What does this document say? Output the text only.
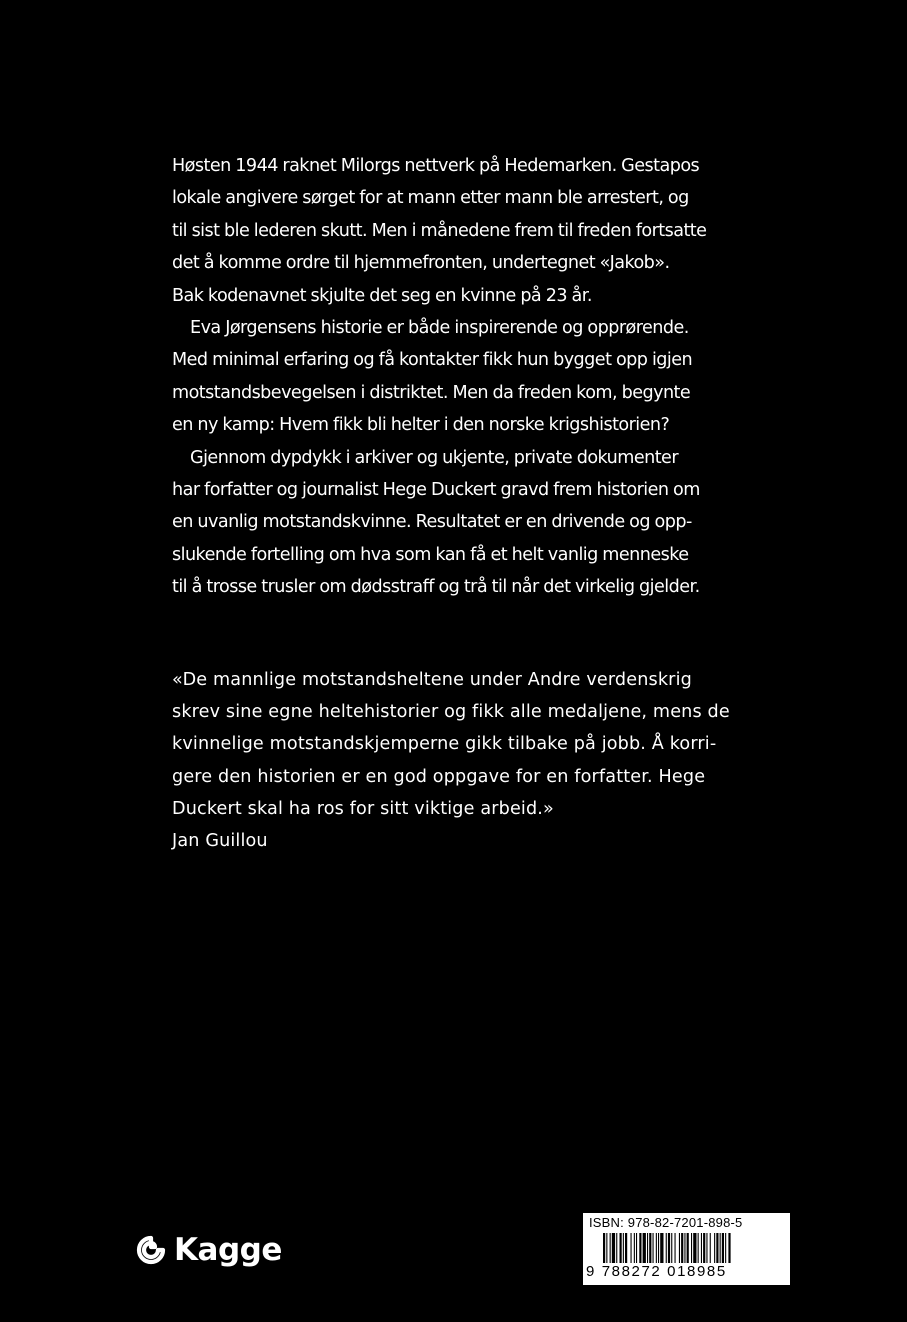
Høsten 1944 raknet Milorgs nettverk på Hedemarken. Gestapos
lokale angivere sørget for at mann etter mann ble arrestert, og
til sist ble lederen skutt. Men i månedene frem til freden fortsatte
det å komme ordre til hjemmefronten, undertegnet «Jakob».
Bak kodenavnet skjulte det seg en kvinne på 23 år.

Eva Jørgensens historie er både inspirerende og opprørende.
Med minimal erfaring og få kontakter fikk hun bygget opp igjen
motstandsbevegelsen i distriktet. Men da freden kom, begynte
en ny kamp: Hvem fikk bli helter i den norske krigshistorien?

Gjennom dypdykk i arkiver og ukjente, private dokumenter
har forfatter og journalist Hege Duckert gravd frem historien om
en uvanlig motstandskvinne. Resultatet er en drivende og opp-
slukende fortelling om hva som kan få et helt vanlig menneske
til å trosse trusler om dødsstraff og trå til når det virkelig gjelder.

«De mannlige motstandsheltene under Andre verdenskrig
skrev sine egne heltehistorier og fikk alle medaljene, mens de
kvinnelige motstandskjemperne gikk tilbake på jobb. Å korri-
gere den historien er en god oppgave for en forfatter. Hege
Duckert skal ha ros for sitt viktige arbeid.»
Jan Guillou
Kagge
ISBN: 978-82-7201-898-5
9 788272 018985
